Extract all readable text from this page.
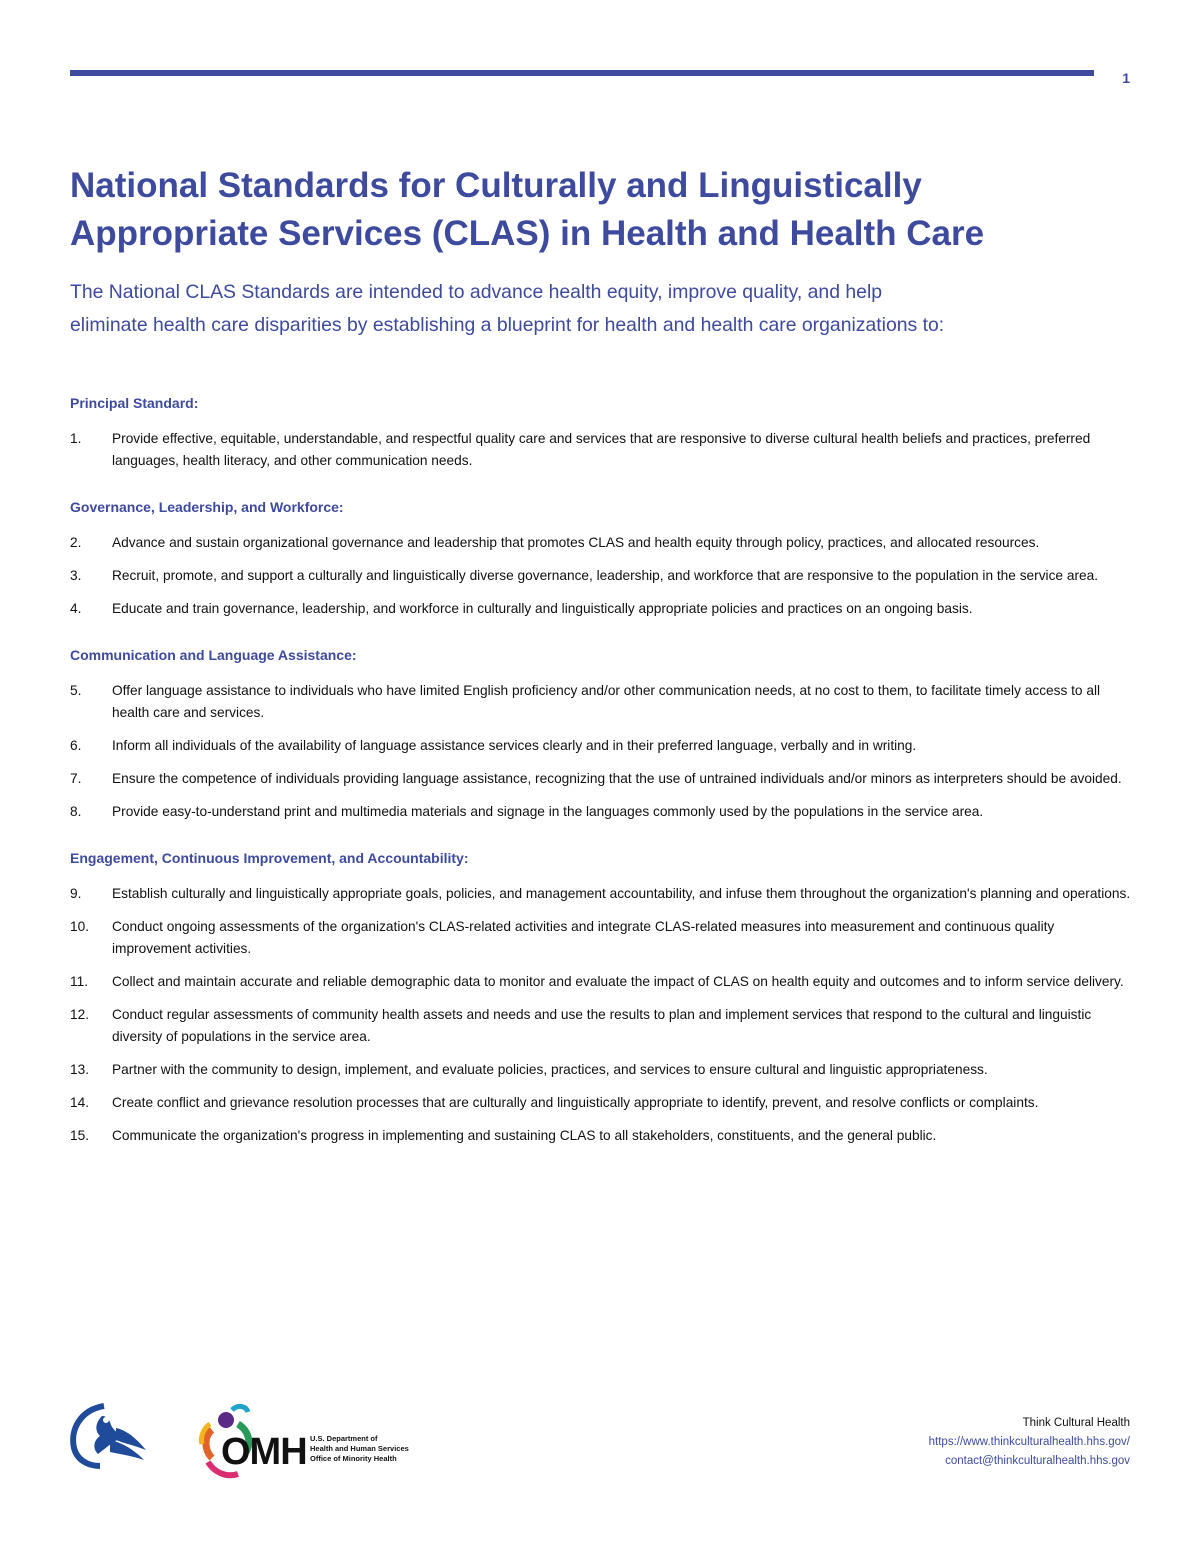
1
National Standards for Culturally and Linguistically
Appropriate Services (CLAS) in Health and Health Care

The National CLAS Standards are intended to advance health equity, improve quality, and help
eliminate health care disparities by establishing a blueprint for health and health care organizations to:

Principal Standard:
1.	Provide effective, equitable, understandable, and respectful quality care and services that are responsive to diverse cultural health beliefs and practices, preferred languages, health literacy, and other communication needs.
Governance, Leadership, and Workforce:
2.	Advance and sustain organizational governance and leadership that promotes CLAS and health equity through policy, practices, and allocated resources.
3.	Recruit, promote, and support a culturally and linguistically diverse governance, leadership, and workforce that are responsive to the population in the service area.
4.	Educate and train governance, leadership, and workforce in culturally and linguistically appropriate policies and practices on an ongoing basis.
Communication and Language Assistance:
5.	Offer language assistance to individuals who have limited English proficiency and/or other communication needs, at no cost to them, to facilitate timely access to all health care and services.
6.	Inform all individuals of the availability of language assistance services clearly and in their preferred language, verbally and in writing.
7.	Ensure the competence of individuals providing language assistance, recognizing that the use of untrained individuals and/or minors as interpreters should be avoided.
8.	Provide easy-to-understand print and multimedia materials and signage in the languages commonly used by the populations in the service area.
Engagement, Continuous Improvement, and Accountability:
9.	Establish culturally and linguistically appropriate goals, policies, and management accountability, and infuse them throughout the organization's planning and operations.
10.	Conduct ongoing assessments of the organization's CLAS-related activities and integrate CLAS-related measures into measurement and continuous quality improvement activities.
11.	Collect and maintain accurate and reliable demographic data to monitor and evaluate the impact of CLAS on health equity and outcomes and to inform service delivery.
12.	Conduct regular assessments of community health assets and needs and use the results to plan and implement services that respond to the cultural and linguistic diversity of populations in the service area.
13.	Partner with the community to design, implement, and evaluate policies, practices, and services to ensure cultural and linguistic appropriateness.
14.	Create conflict and grievance resolution processes that are culturally and linguistically appropriate to identify, prevent, and resolve conflicts or complaints.
15.	Communicate the organization's progress in implementing and sustaining CLAS to all stakeholders, constituents, and the general public.
OMH U.S. Department of
Health and Human Services
Office of Minority Health
Think Cultural Health
https://www.thinkculturalhealth.hhs.gov/
contact@thinkculturalhealth.hhs.gov
